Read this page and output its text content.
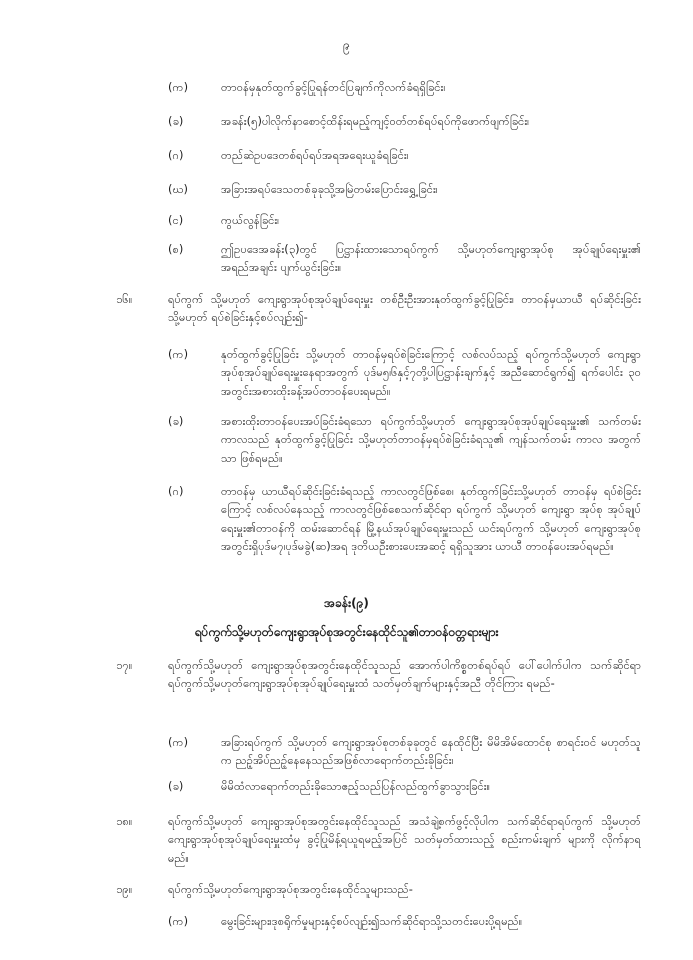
၉
(က)	တာဝန်မှနုတ်ထွက်ခွင့်ပြုရန်တင်ပြချက်ကိုလက်ခံရရှိခြင်း၊
(ခ)	အခန်း(၅)ပါလိုက်နာစောင့်ထိန်းရမည့်ကျင့်ဝတ်တစ်ရပ်ရပ်ကိုဖောက်ဖျက်ခြင်း၊
(ဂ)	တည်ဆဲဥပဒေတစ်ရပ်ရပ်အရအရေးယူခံရခြင်း၊
(ဃ)	အခြားအရပ်ဒေသတစ်ခုခုသို့အမြဲတမ်းပြောင်းရွှေ့ခြင်း၊
(င)	ကွယ်လွန်ခြင်း၊
(စ)	ဤဥပဒေအခန်း(၃)တွင် ပြဋ္ဌာန်းထားသောရပ်ကွက် သို့မဟုတ်ကျေးရွာအုပ်စု အုပ်ချုပ်ရေးမှူး၏ အရည်အချင်း ပျက်ယွင်းခြင်း။
၁၆။	ရပ်ကွက် သို့မဟုတ် ကျေးရွာအုပ်စုအုပ်ချုပ်ရေးမှူး တစ်ဦးဦးအားနုတ်ထွက်ခွင့်ပြုခြင်း၊ တာဝန်မှယာယီ ရပ်ဆိုင်းခြင်း သို့မဟုတ် ရပ်စဲခြင်းနှင့်စပ်လျဉ်း၍-
(က)	နုတ်ထွက်ခွင့်ပြုခြင်း သို့မဟုတ် တာဝန်မှရပ်စဲခြင်းကြောင့် လစ်လပ်သည့် ရပ်ကွက်သို့မဟုတ် ကျေးရွာ အုပ်စုအုပ်ချုပ်ရေးမှူးနေရာအတွက် ပုဒ်မ၅၊၆နှင့်၇တို့ပါပြဋ္ဌာန်းချက်နှင့် အညီဆောင်ရွက်၍ ရက်ပေါင်း ၃၀ အတွင်းအစားထိုးခန့်အပ်တာဝန်ပေးရမည်။
(ခ)	အစားထိုးတာဝန်ပေးအပ်ခြင်းခံရသော ရပ်ကွက်သို့မဟုတ် ကျေးရွာအုပ်စုအုပ်ချုပ်ရေးမှူး၏ သက်တမ်း ကာလသည် နုတ်ထွက်ခွင့်ပြုခြင်း သို့မဟုတ်တာဝန်မှရပ်စဲခြင်းခံရသူ၏ ကျန်သက်တမ်း ကာလ အတွက်သာ ဖြစ်ရမည်။
(ဂ)	တာဝန်မှ ယာယီရပ်ဆိုင်းခြင်းခံရသည့် ကာလတွင်ဖြစ်စေ၊ နုတ်ထွက်ခြင်းသို့မဟုတ် တာဝန်မှ ရပ်စဲခြင်းကြောင့် လစ်လပ်နေသည့် ကာလတွင်ဖြစ်စေသက်ဆိုင်ရာ ရပ်ကွက် သို့မဟုတ် ကျေးရွာ အုပ်စု အုပ်ချုပ်ရေးမှူး၏တာဝန်ကို ထမ်းဆောင်ရန် မြို့နယ်အုပ်ချုပ်ရေးမှူးသည် ယင်းရပ်ကွက် သို့မဟုတ် ကျေးရွာအုပ်စု အတွင်းရှိပုဒ်မ၇၊ပုဒ်မခွဲ(ဆ)အရ ဒုတိယဦးစားပေးအဆင့် ရရှိသူအား ယာယီ တာဝန်ပေးအပ်ရမည်။
အခန်း(၉)
ရပ်ကွက်သို့မဟုတ်ကျေးရွာအုပ်စုအတွင်းနေထိုင်သူ၏တာဝန်ဝတ္တရားများ
၁၇။	ရပ်ကွက်သို့မဟုတ် ကျေးရွာအုပ်စုအတွင်းနေထိုင်သူသည် အောက်ပါကိစ္စတစ်ရပ်ရပ် ပေါ်ပေါက်ပါက သက်ဆိုင်ရာ ရပ်ကွက်သို့မဟုတ်ကျေးရွာအုပ်စုအုပ်ချုပ်ရေးမှူးထံ သတ်မှတ်ချက်များနှင့်အညီ တိုင်ကြား ရမည်-
(က)	အခြားရပ်ကွက် သို့မဟုတ် ကျေးရွာအုပ်စုတစ်ခုခုတွင် နေထိုင်ပြီး မိမိအိမ်ထောင်စု စာရင်းဝင် မဟုတ်သူက ညဉ့်အိပ်ညဉ့်နေနေသည်အဖြစ်လာရောက်တည်းခိုခြင်း၊
(ခ)	မိမိထံလာရောက်တည်းခိုသောဧည့်သည်ပြန်လည်ထွက်ခွာသွားခြင်း။
၁၈။	ရပ်ကွက်သို့မဟုတ် ကျေးရွာအုပ်စုအတွင်းနေထိုင်သူသည် အသံချဲ့စက်ဖွင့်လိုပါက သက်ဆိုင်ရာရပ်ကွက် သို့မဟုတ် ကျေးရွာအုပ်စုအုပ်ချုပ်ရေးမှူးထံမှ ခွင့်ပြုမိန့်ရယူရမည့်အပြင် သတ်မှတ်ထားသည့် စည်းကမ်းချက် များကို လိုက်နာရမည်။
၁၉။	ရပ်ကွက်သို့မဟုတ်ကျေးရွာအုပ်စုအတွင်းနေထိုင်သူများသည်-
(က)	မွေးခြင်းများ၊ဒုစရိုက်မှုများနှင့်စပ်လျဉ်း၍သက်ဆိုင်ရာသို့သတင်းပေးပို့ရမည်။
